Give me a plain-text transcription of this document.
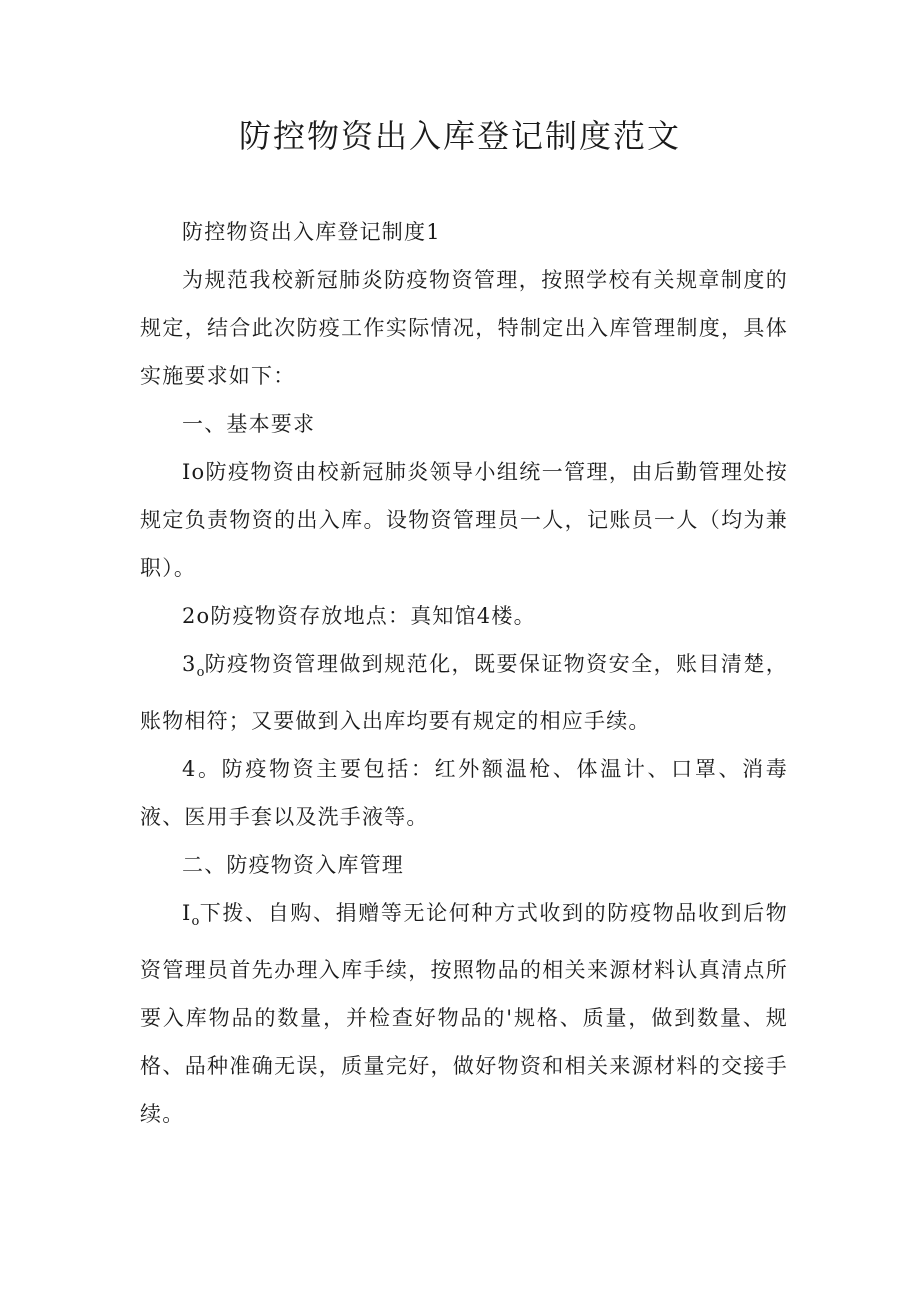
防控物资出入库登记制度范文

防控物资出入库登记制度1

为规范我校新冠肺炎防疫物资管理，按照学校有关规章制度的规定，结合此次防疫工作实际情况，特制定出入库管理制度，具体实施要求如下：

一、基本要求

Io防疫物资由校新冠肺炎领导小组统一管理，由后勤管理处按规定负责物资的出入库。设物资管理员一人，记账员一人（均为兼职）。

2o防疫物资存放地点：真知馆4楼。

$3_o$防疫物资管理做到规范化，既要保证物资安全，账目清楚，账物相符；又要做到入出库均要有规定的相应手续。

4。防疫物资主要包括：红外额温枪、体温计、口罩、消毒液、医用手套以及洗手液等。

二、防疫物资入库管理

$I_o$下拨、自购、捐赠等无论何种方式收到的防疫物品收到后物资管理员首先办理入库手续，按照物品的相关来源材料认真清点所要入库物品的数量，并检查好物品的'规格、质量，做到数量、规格、品种准确无误，质量完好，做好物资和相关来源材料的交接手续。
